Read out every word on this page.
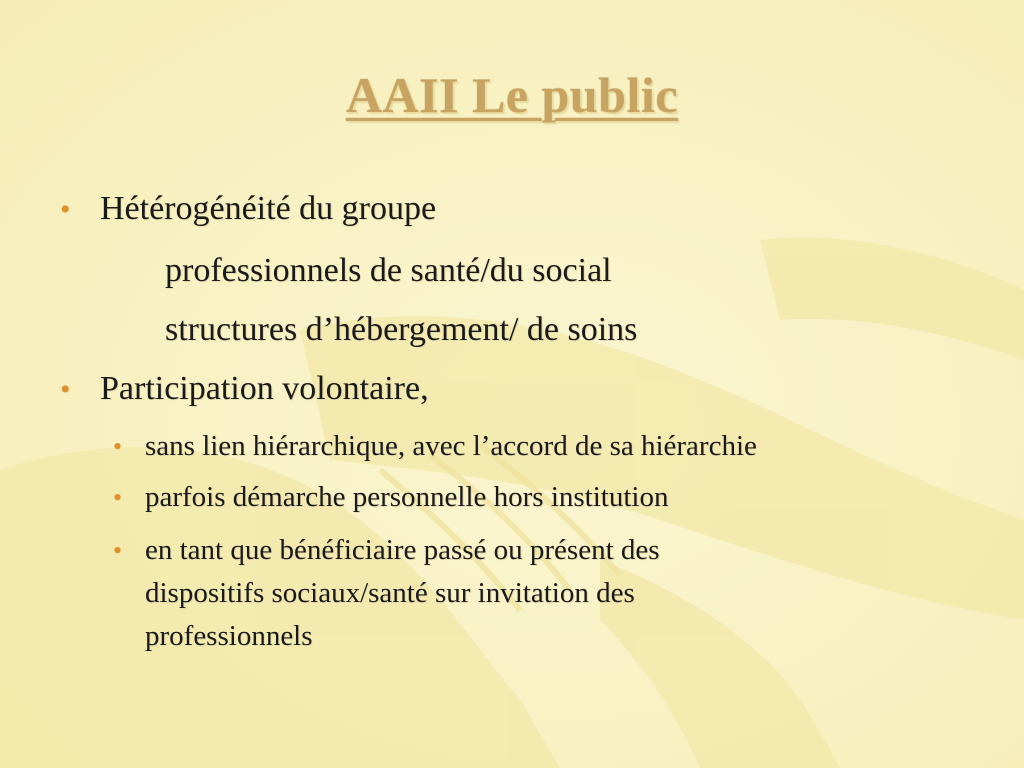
AAII Le public
• Hétérogénéité du groupe

professionnels de santé/du social

structures d’hébergement/ de soins

• Participation volontaire,

• sans lien hiérarchique, avec l’accord de sa hiérarchie

• parfois démarche personnelle hors institution

• en tant que bénéficiaire passé ou présent des

dispositifs sociaux/santé sur invitation des

professionnels
